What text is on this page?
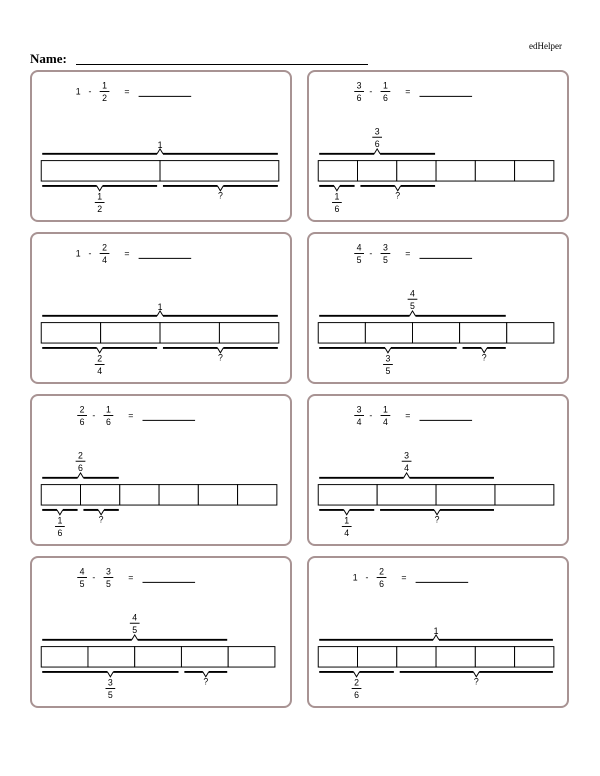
edHelper
Name:
1 -
1
2
=
1
1
2
?
3
6
-
1
6
=
3
6
1
6
?
1 -
2
4
=
1
2
4
?
4
5
-
3
5
=
4
5
3
5
?
2
6
-
1
6
=
2
6
1
6
?
3
4
-
1
4
=
3
4
1
4
?
4
5
-
3
5
=
4
5
3
5
?
1 -
2
6
=
1
2
6
?
